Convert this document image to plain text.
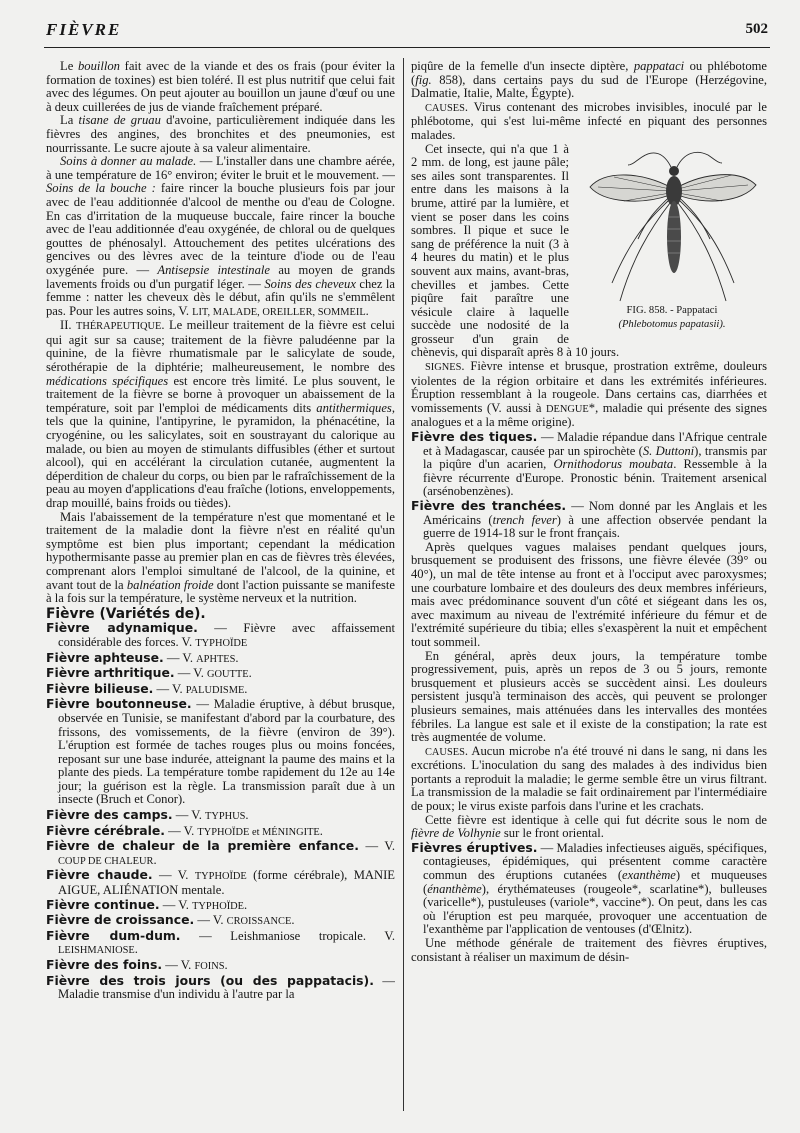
FIÈVRE	502

Le bouillon fait avec de la viande et des os frais (pour éviter la formation de toxines) est bien toléré. Il est plus nutritif que celui fait avec des légumes. On peut ajouter au bouillon un jaune d'œuf ou une à deux cuillerées de jus de viande fraîchement préparé.

La tisane de gruau d'avoine, particulièrement indiquée dans les fièvres des angines, des bronchites et des pneumonies, est nourrissante. Le sucre ajoute à sa valeur alimentaire.

Soins à donner au malade. — L'installer dans une chambre aérée, à une température de 16° environ; éviter le bruit et le mouvement. — Soins de la bouche : faire rincer la bouche plusieurs fois par jour avec de l'eau additionnée d'alcool de menthe ou d'eau de Cologne. En cas d'irritation de la muqueuse buccale, faire rincer la bouche avec de l'eau additionnée d'eau oxygénée, de chloral ou de quelques gouttes de phénosalyl. Attouchement des petites ulcérations des gencives ou des lèvres avec de la teinture d'iode ou de l'eau oxygénée pure. — Antisepsie intestinale au moyen de grands lavements froids ou d'un purgatif léger. — Soins des cheveux chez la femme : natter les cheveux dès le début, afin qu'ils ne s'emmêlent pas. Pour les autres soins, V. LIT, MALADE, OREILLER, SOMMEIL.

II. THÉRAPEUTIQUE. Le meilleur traitement de la fièvre est celui qui agit sur sa cause; traitement de la fièvre paludéenne par la quinine, de la fièvre rhumatismale par le salicylate de soude, sérothérapie de la diphtérie; malheureusement, le nombre des médications spécifiques est encore très limité. Le plus souvent, le traitement de la fièvre se borne à provoquer un abaissement de la température, soit par l'emploi de médicaments dits antithermiques, tels que la quinine, l'antipyrine, le pyramidon, la phénacétine, la cryogénine, ou les salicylates, soit en soustrayant du calorique au malade, ou bien au moyen de stimulants diffusibles (éther et surtout alcool), qui en accélérant la circulation cutanée, augmentent la déperdition de chaleur du corps, ou bien par le rafraîchissement de la peau au moyen d'applications d'eau fraîche (lotions, enveloppements, drap mouillé, bains froids ou tièdes).

Mais l'abaissement de la température n'est que momentané et le traitement de la maladie dont la fièvre n'est en réalité qu'un symptôme est bien plus important; cependant la médication hypothermisante passe au premier plan en cas de fièvres très élevées, comprenant alors l'emploi simultané de l'alcool, de la quinine, et avant tout de la balnéation froide dont l'action puissante se manifeste à la fois sur la température, le système nerveux et la nutrition.

Fièvre (Variétés de).

Fièvre adynamique. — Fièvre avec affaissement considérable des forces. V. TYPHOÏDE

Fièvre aphteuse. — V. APHTES.

Fièvre arthritique. — V. GOUTTE.

Fièvre bilieuse. — V. PALUDISME.

Fièvre boutonneuse. — Maladie éruptive, à début brusque, observée en Tunisie, se manifestant d'abord par la courbature, des frissons, des vomissements, de la fièvre (environ de 39°). L'éruption est formée de taches rouges plus ou moins foncées, reposant sur une base indurée, atteignant la paume des mains et la plante des pieds. La température tombe rapidement du 12e au 14e jour; la guérison est la règle. La transmission paraît due à un insecte (Bruch et Conor).

Fièvre des camps. — V. TYPHUS.

Fièvre cérébrale. — V. TYPHOÏDE et MÉNINGITE.

Fièvre de chaleur de la première enfance. — V. COUP DE CHALEUR.

Fièvre chaude. — V. TYPHOÏDE (forme cérébrale), MANIE AIGUE, ALIÉNATION mentale.

Fièvre continue. — V. TYPHOÏDE.

Fièvre de croissance. — V. CROISSANCE.

Fièvre dum-dum. — Leishmaniose tropicale. V. LEISHMANIOSE.

Fièvre des foins. — V. FOINS.

Fièvre des trois jours (ou des pappatacis). — Maladie transmise d'un individu à l'autre par la

piqûre de la femelle d'un insecte diptère, pappataci ou phlébotome (fig. 858), dans certains pays du sud de l'Europe (Herzégovine, Dalmatie, Italie, Malte, Égypte).

CAUSES. Virus contenant des microbes invisibles, inoculé par le phlébotome, qui s'est lui-même infecté en piquant des personnes malades.

FIG. 858. - Pappataci
(Phlebotomus papatasii).

Cet insecte, qui n'a que 1 à 2 mm. de long, est jaune pâle; ses ailes sont transparentes. Il entre dans les maisons à la brume, attiré par la lumière, et vient se poser dans les coins sombres. Il pique et suce le sang de préférence la nuit (3 à 4 heures du matin) et le plus souvent aux mains, avant-bras, chevilles et jambes. Cette piqûre fait paraître une vésicule claire à laquelle succède une nodosité de la grosseur d'un grain de chènevis, qui disparaît après 8 à 10 jours.

SIGNES. Fièvre intense et brusque, prostration extrême, douleurs violentes de la région orbitaire et dans les extrémités inférieures. Éruption ressemblant à la rougeole. Dans certains cas, diarrhées et vomissements (V. aussi à DENGUE*, maladie qui présente des signes analogues et a la même origine).

Fièvre des tiques. — Maladie répandue dans l'Afrique centrale et à Madagascar, causée par un spirochète (S. Duttoni), transmis par la piqûre d'un acarien, Ornithodorus moubata. Ressemble à la fièvre récurrente d'Europe. Pronostic bénin. Traitement arsenical (arsénobenzènes).

Fièvre des tranchées. — Nom donné par les Anglais et les Américains (trench fever) à une affection observée pendant la guerre de 1914-18 sur le front français.

Après quelques vagues malaises pendant quelques jours, brusquement se produisent des frissons, une fièvre élevée (39° ou 40°), un mal de tête intense au front et à l'occiput avec paroxysmes; une courbature lombaire et des douleurs des deux membres inférieurs, mais avec prédominance souvent d'un côté et siégeant dans les os, avec maximum au niveau de l'extrémité inférieure du fémur et de l'extrémité supérieure du tibia; elles s'exaspèrent la nuit et empêchent tout sommeil.

En général, après deux jours, la température tombe progressivement, puis, après un repos de 3 ou 5 jours, remonte brusquement et plusieurs accès se succèdent ainsi. Les douleurs persistent jusqu'à terminaison des accès, qui peuvent se prolonger plusieurs semaines, mais atténuées dans les intervalles des montées fébriles. La langue est sale et il existe de la constipation; la rate est très augmentée de volume.

CAUSES. Aucun microbe n'a été trouvé ni dans le sang, ni dans les excrétions. L'inoculation du sang des malades à des individus bien portants a reproduit la maladie; le germe semble être un virus filtrant. La transmission de la maladie se fait ordinairement par l'intermédiaire de poux; le virus existe parfois dans l'urine et les crachats.

Cette fièvre est identique à celle qui fut décrite sous le nom de fièvre de Volhynie sur le front oriental.

Fièvres éruptives. — Maladies infectieuses aiguës, spécifiques, contagieuses, épidémiques, qui présentent comme caractère commun des éruptions cutanées (exanthème) et muqueuses (énanthème), érythémateuses (rougeole*, scarlatine*), bulleuses (varicelle*), pustuleuses (variole*, vaccine*). On peut, dans les cas où l'éruption est peu marquée, provoquer une accentuation de l'exanthème par l'application de ventouses (d'Œlnitz).

Une méthode générale de traitement des fièvres éruptives, consistant à réaliser un maximum de désin-
